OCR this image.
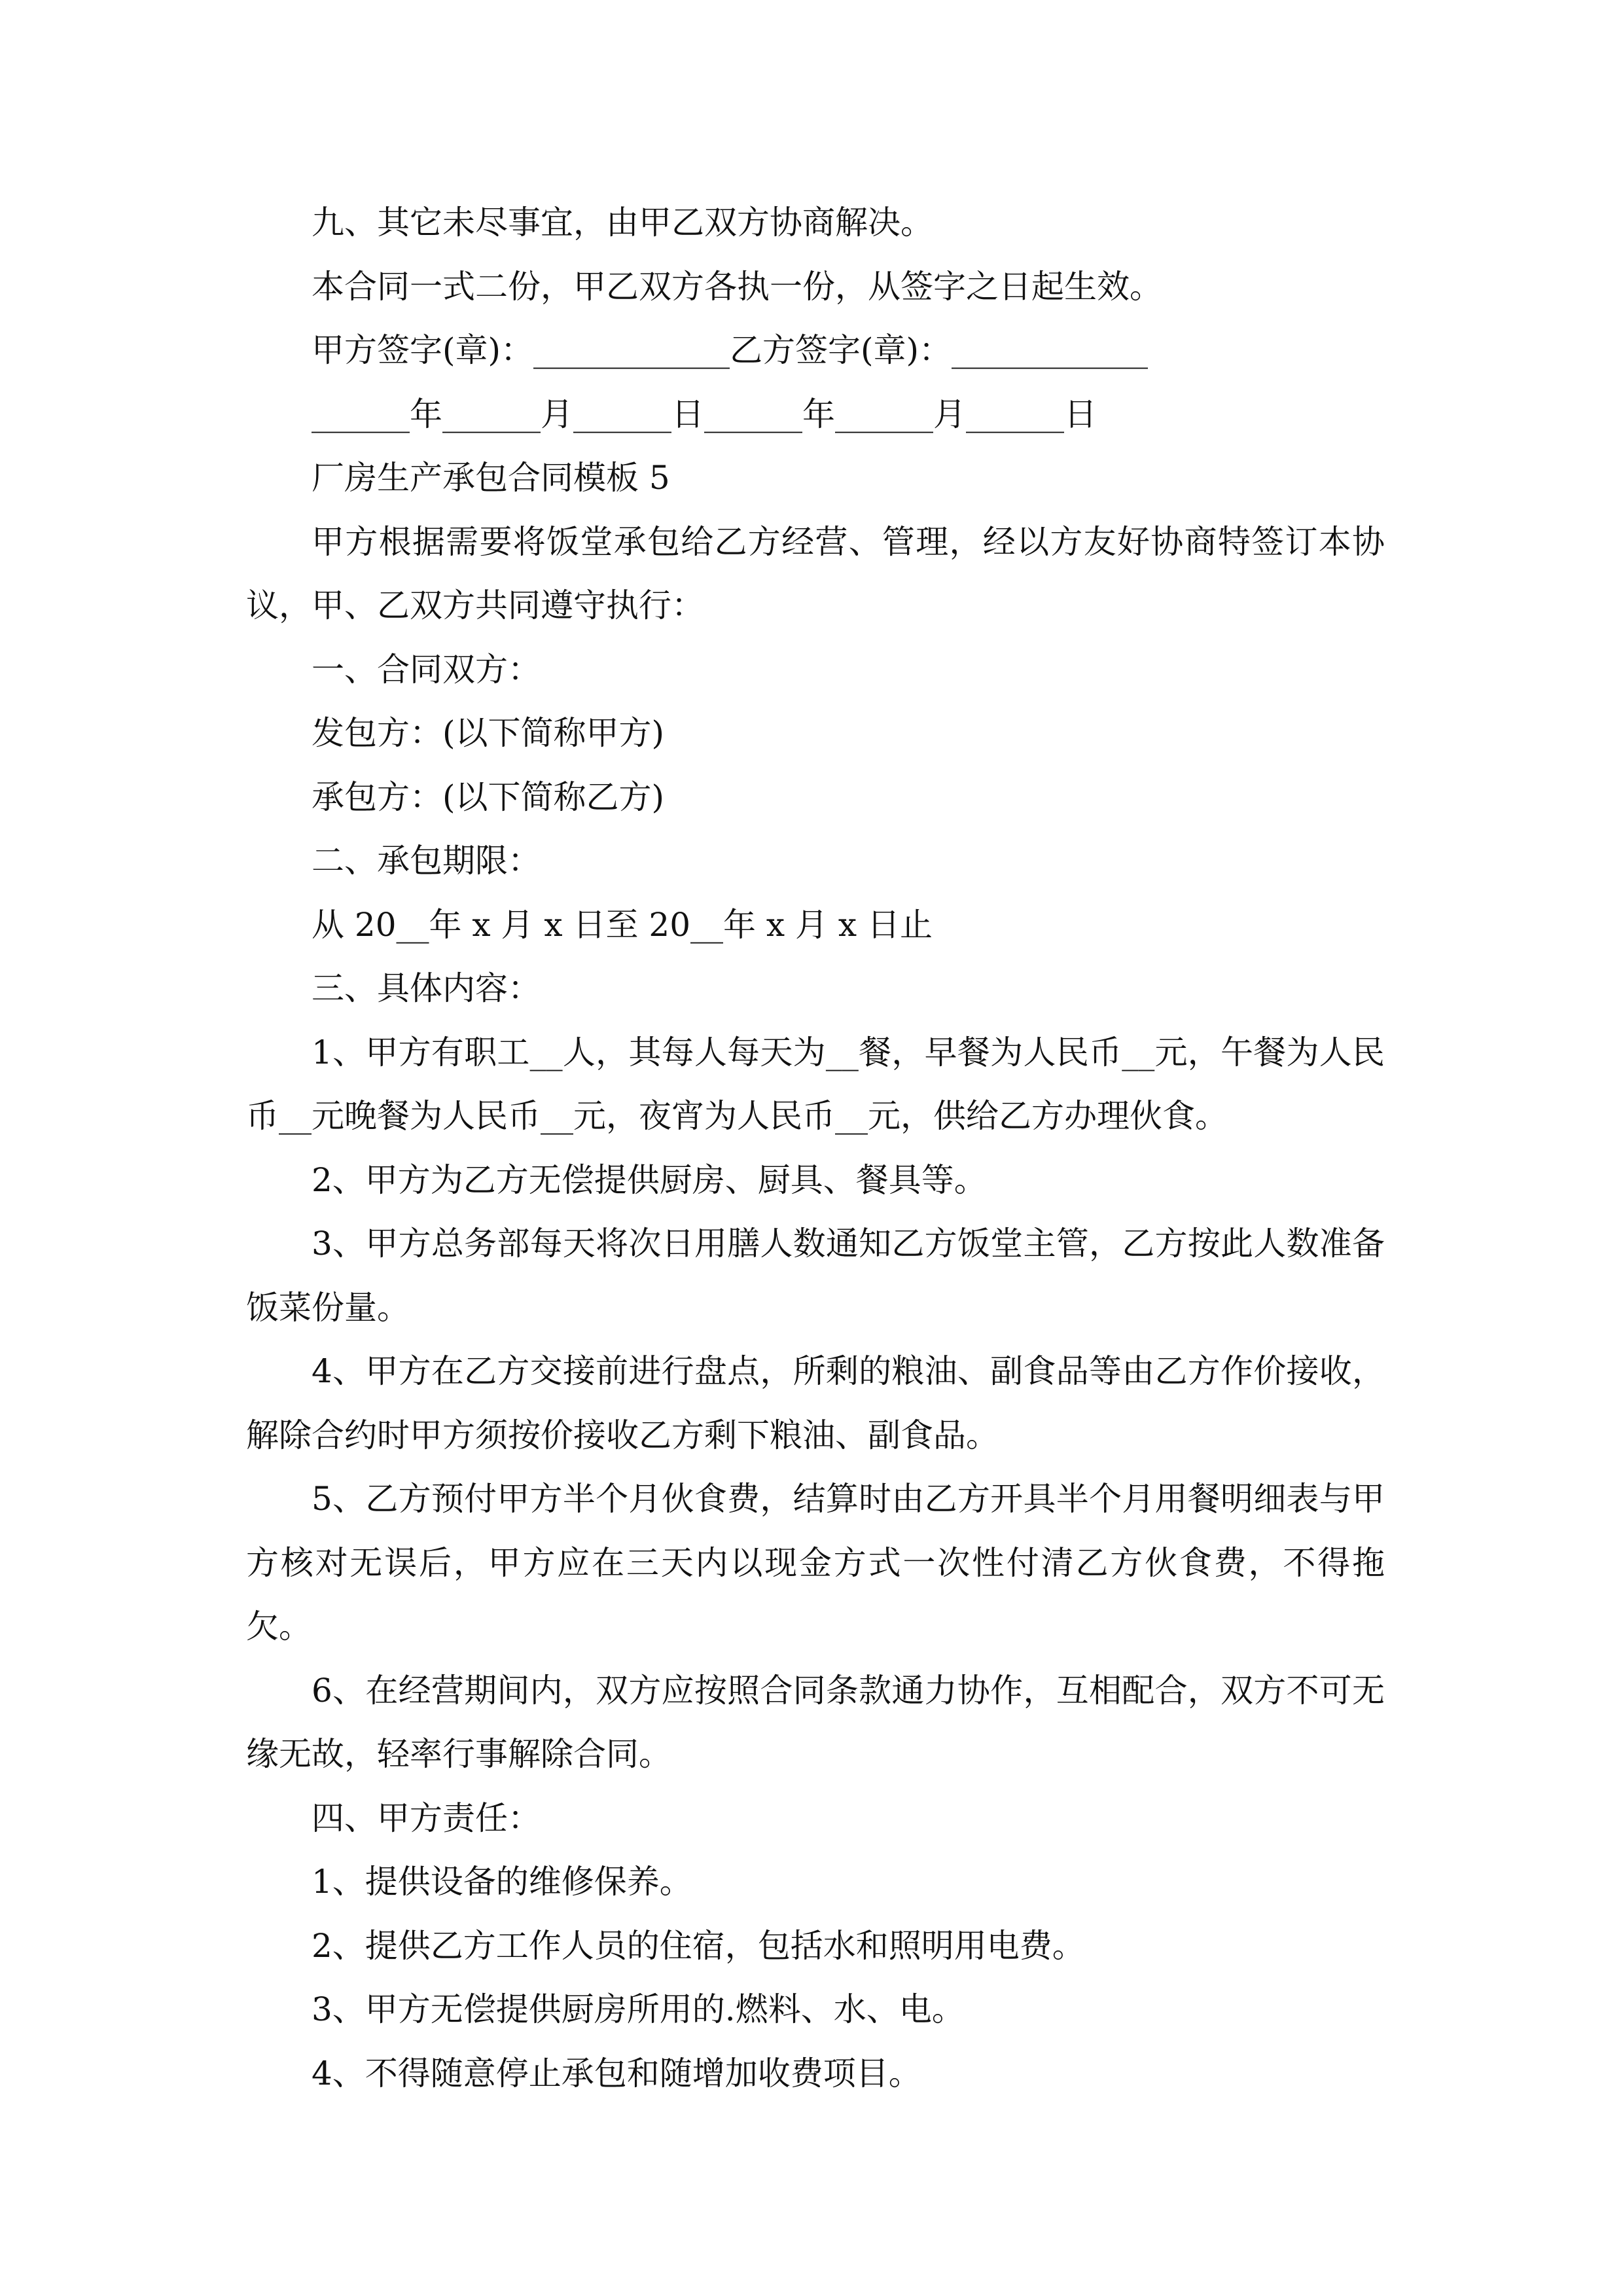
九、其它未尽事宜，由甲乙双方协商解决。

本合同一式二份，甲乙双方各执一份，从签字之日起生效。

甲方签字(章)：____________乙方签字(章)：____________

______年______月______日______年______月______日

厂房生产承包合同模板 5

甲方根据需要将饭堂承包给乙方经营、管理，经以方友好协商特签订本协议，甲、乙双方共同遵守执行：

一、合同双方：

发包方：(以下简称甲方)

承包方：(以下简称乙方)

二、承包期限：

从 20__年 x 月 x 日至 20__年 x 月 x 日止

三、具体内容：

1、甲方有职工__人，其每人每天为__餐，早餐为人民币__元，午餐为人民币__元晚餐为人民币__元，夜宵为人民币__元，供给乙方办理伙食。

2、甲方为乙方无偿提供厨房、厨具、餐具等。

3、甲方总务部每天将次日用膳人数通知乙方饭堂主管，乙方按此人数准备饭菜份量。

4、甲方在乙方交接前进行盘点，所剩的粮油、副食品等由乙方作价接收，解除合约时甲方须按价接收乙方剩下粮油、副食品。

5、乙方预付甲方半个月伙食费，结算时由乙方开具半个月用餐明细表与甲方核对无误后，甲方应在三天内以现金方式一次性付清乙方伙食费，不得拖欠。

6、在经营期间内，双方应按照合同条款通力协作，互相配合，双方不可无缘无故，轻率行事解除合同。

四、甲方责任：

1、提供设备的维修保养。

2、提供乙方工作人员的住宿，包括水和照明用电费。

3、甲方无偿提供厨房所用的.燃料、水、电。

4、不得随意停止承包和随增加收费项目。
